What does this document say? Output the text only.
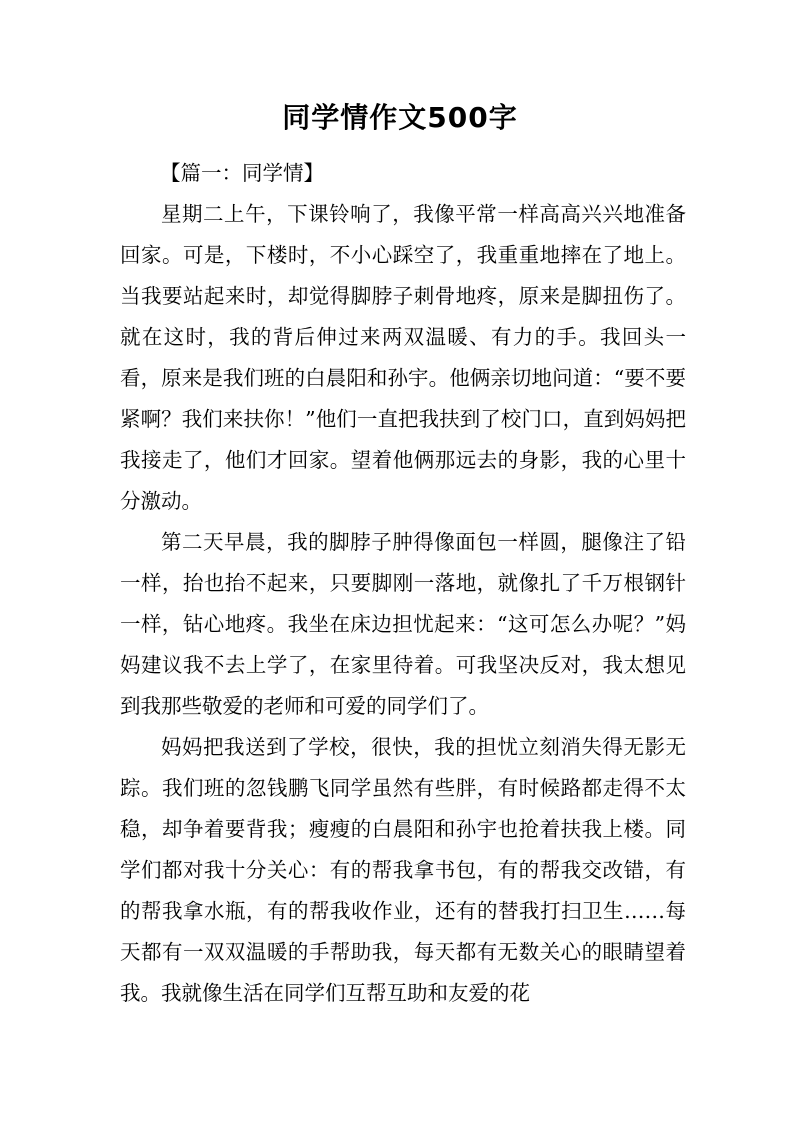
同学情作文500字
【篇一：同学情】

星期二上午，下课铃响了，我像平常一样高高兴兴地准备回家。可是，下楼时，不小心踩空了，我重重地摔在了地上。当我要站起来时，却觉得脚脖子刺骨地疼，原来是脚扭伤了。就在这时，我的背后伸过来两双温暖、有力的手。我回头一看，原来是我们班的白晨阳和孙宇。他俩亲切地问道：“要不要紧啊？我们来扶你！”他们一直把我扶到了校门口，直到妈妈把我接走了，他们才回家。望着他俩那远去的身影，我的心里十分激动。

第二天早晨，我的脚脖子肿得像面包一样圆，腿像注了铅一样，抬也抬不起来，只要脚刚一落地，就像扎了千万根钢针一样，钻心地疼。我坐在床边担忧起来：“这可怎么办呢？”妈妈建议我不去上学了，在家里待着。可我坚决反对，我太想见到我那些敬爱的老师和可爱的同学们了。

妈妈把我送到了学校，很快，我的担忧立刻消失得无影无踪。我们班的忽钱鹏飞同学虽然有些胖，有时候路都走得不太稳，却争着要背我；瘦瘦的白晨阳和孙宇也抢着扶我上楼。同学们都对我十分关心：有的帮我拿书包，有的帮我交改错，有的帮我拿水瓶，有的帮我收作业，还有的替我打扫卫生……每天都有一双双温暖的手帮助我，每天都有无数关心的眼睛望着我。我就像生活在同学们互帮互助和友爱的花
